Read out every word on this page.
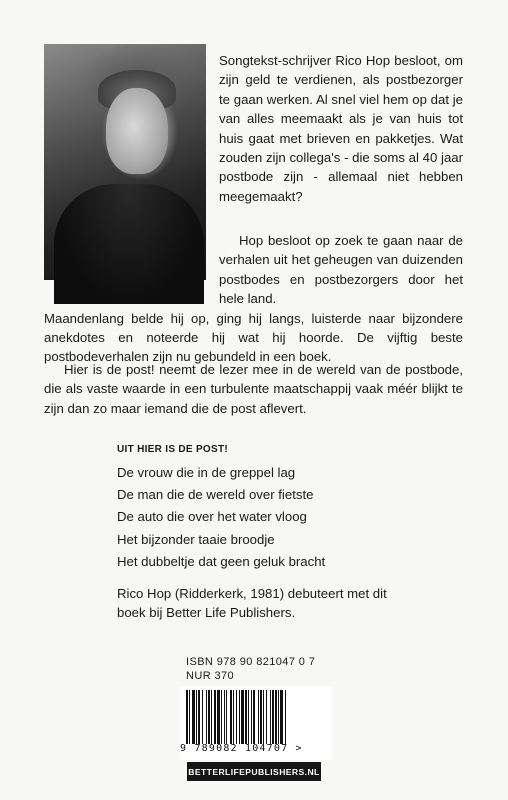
FOTO: THOMAS HEYE
Songtekst-schrijver Rico Hop besloot, om zijn geld te verdienen, als postbezorger te gaan werken. Al snel viel hem op dat je van alles meemaakt als je van huis tot huis gaat met brieven en pakketjes. Wat zouden zijn collega's - die soms al 40 jaar postbode zijn - allemaal niet hebben meegemaakt?
Hop besloot op zoek te gaan naar de verhalen uit het geheugen van duizenden postbodes en postbezorgers door het hele land.
Maandenlang belde hij op, ging hij langs, luisterde naar bijzondere anekdotes en noteerde hij wat hij hoorde. De vijftig beste postbodeverhalen zijn nu gebundeld in een boek.
Hier is de post! neemt de lezer mee in de wereld van de postbode, die als vaste waarde in een turbulente maatschappij vaak méér blijkt te zijn dan zo maar iemand die de post aflevert.
UIT HIER IS DE POST!
De vrouw die in de greppel lag
De man die de wereld over fietste
De auto die over het water vloog
Het bijzonder taaie broodje
Het dubbeltje dat geen geluk bracht
Rico Hop (Ridderkerk, 1981) debuteert met dit boek bij Better Life Publishers.
ISBN 978 90 821047 0 7
NUR 370
9 789082 104707 >
BETTERLIFEPUBLISHERS.NL
